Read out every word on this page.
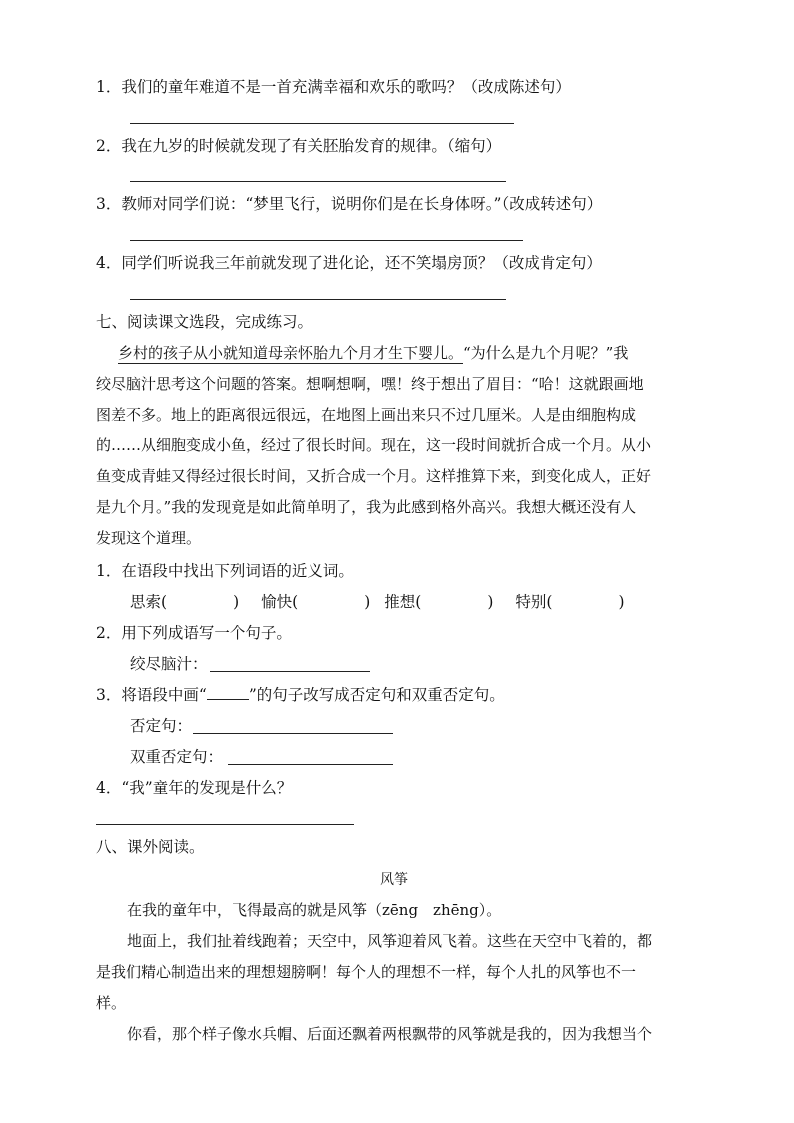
1．我们的童年难道不是一首充满幸福和欢乐的歌吗？（改成陈述句）
2．我在九岁的时候就发现了有关胚胎发育的规律。（缩句）
3．教师对同学们说：“梦里飞行，说明你们是在长身体呀。”（改成转述句）
4．同学们听说我三年前就发现了进化论，还不笑塌房顶？（改成肯定句）
七、阅读课文选段，完成练习。
乡村的孩子从小就知道母亲怀胎九个月才生下婴儿。“为什么是九个月呢？”我
绞尽脑汁思考这个问题的答案。想啊想啊，嘿！终于想出了眉目：“哈！这就跟画地
图差不多。地上的距离很远很远，在地图上画出来只不过几厘米。人是由细胞构成
的……从细胞变成小鱼，经过了很长时间。现在，这一段时间就折合成一个月。从小
鱼变成青蛙又得经过很长时间，又折合成一个月。这样推算下来，到变化成人，正好
是九个月。”我的发现竟是如此简单明了，我为此感到格外高兴。我想大概还没有人
发现这个道理。
1．在语段中找出下列词语的近义词。
思索(	) 愉快(	) 推想(	) 特别(	)
2．用下列成语写一个句子。
绞尽脑汁：
3．将语段中画“	”的句子改写成否定句和双重否定句。
否定句：
双重否定句：
4．“我”童年的发现是什么？
八、课外阅读。
风筝
在我的童年中，飞得最高的就是风筝（zēng　zhēng）。
地面上，我们扯着线跑着；天空中，风筝迎着风飞着。这些在天空中飞着的，都
是我们精心制造出来的理想翅膀啊！每个人的理想不一样，每个人扎的风筝也不一
样。
你看，那个样子像水兵帽、后面还飘着两根飘带的风筝就是我的，因为我想当个
